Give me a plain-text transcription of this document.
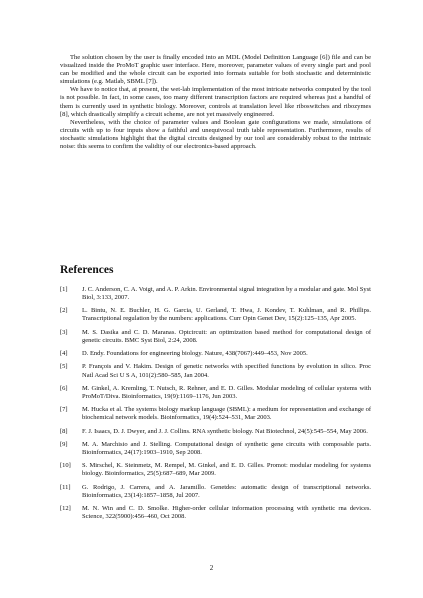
The solution chosen by the user is finally encoded into an MDL (Model Definition Language [6]) file and can be visualized inside the ProMoT graphic user interface. Here, moreover, parameter values of every single part and pool can be modified and the whole circuit can be exported into formats suitable for both stochastic and deterministic simulations (e.g. Matlab, SBML [7]).

We have to notice that, at present, the wet-lab implementation of the most intricate networks computed by the tool is not possible. In fact, in some cases, too many different transcription factors are required whereas just a handful of them is currently used in synthetic biology. Moreover, controls at translation level like riboswitches and ribozymes [8], which drastically simplify a circuit scheme, are not yet massively engineered.

Nevertheless, with the choice of parameter values and Boolean gate configurations we made, simulations of circuits with up to four inputs show a faithful and unequivocal truth table representation. Furthermore, results of stochastic simulations highlight that the digital circuits designed by our tool are considerably robust to the intrinsic noise: this seems to confirm the validity of our electronics-based approach.

References
[1]	J. C. Anderson, C. A. Voigt, and A. P. Arkin. Environmental signal integration by a modular and gate. Mol Syst Biol, 3:133, 2007.
[2]	L. Bintu, N. E. Buchler, H. G. Garcia, U. Gerland, T. Hwa, J. Kondev, T. Kuhlman, and R. Phillips. Transcriptional regulation by the numbers: applications. Curr Opin Genet Dev, 15(2):125–135, Apr 2005.
[3]	M. S. Dasika and C. D. Maranas. Optcircuit: an optimization based method for computational design of genetic circuits. BMC Syst Biol, 2:24, 2008.
[4]	D. Endy. Foundations for engineering biology. Nature, 438(7067):449–453, Nov 2005.
[5]	P. François and V. Hakim. Design of genetic networks with specified functions by evolution in silico. Proc Natl Acad Sci U S A, 101(2):580–585, Jan 2004.
[6]	M. Ginkel, A. Kremling, T. Nutsch, R. Rehner, and E. D. Gilles. Modular modeling of cellular systems with ProMoT/Diva. Bioinformatics, 19(9):1169–1176, Jun 2003.
[7]	M. Hucka et al. The systems biology markup language (SBML): a medium for representation and exchange of biochemical network models. Bioinformatics, 19(4):524–531, Mar 2003.
[8]	F. J. Isaacs, D. J. Dwyer, and J. J. Collins. RNA synthetic biology. Nat Biotechnol, 24(5):545–554, May 2006.
[9]	M. A. Marchisio and J. Stelling. Computational design of synthetic gene circuits with composable parts. Bioinformatics, 24(17):1903–1910, Sep 2008.
[10]	S. Mirschel, K. Steinmetz, M. Rempel, M. Ginkel, and E. D. Gilles. Promot: modular modeling for systems biology. Bioinformatics, 25(5):687–689, Mar 2009.
[11]	G. Rodrigo, J. Carrera, and A. Jaramillo. Genetdes: automatic design of transcriptional networks. Bioinformatics, 23(14):1857–1858, Jul 2007.
[12]	M. N. Win and C. D. Smolke. Higher-order cellular information processing with synthetic rna devices. Science, 322(5900):456–460, Oct 2008.
2
